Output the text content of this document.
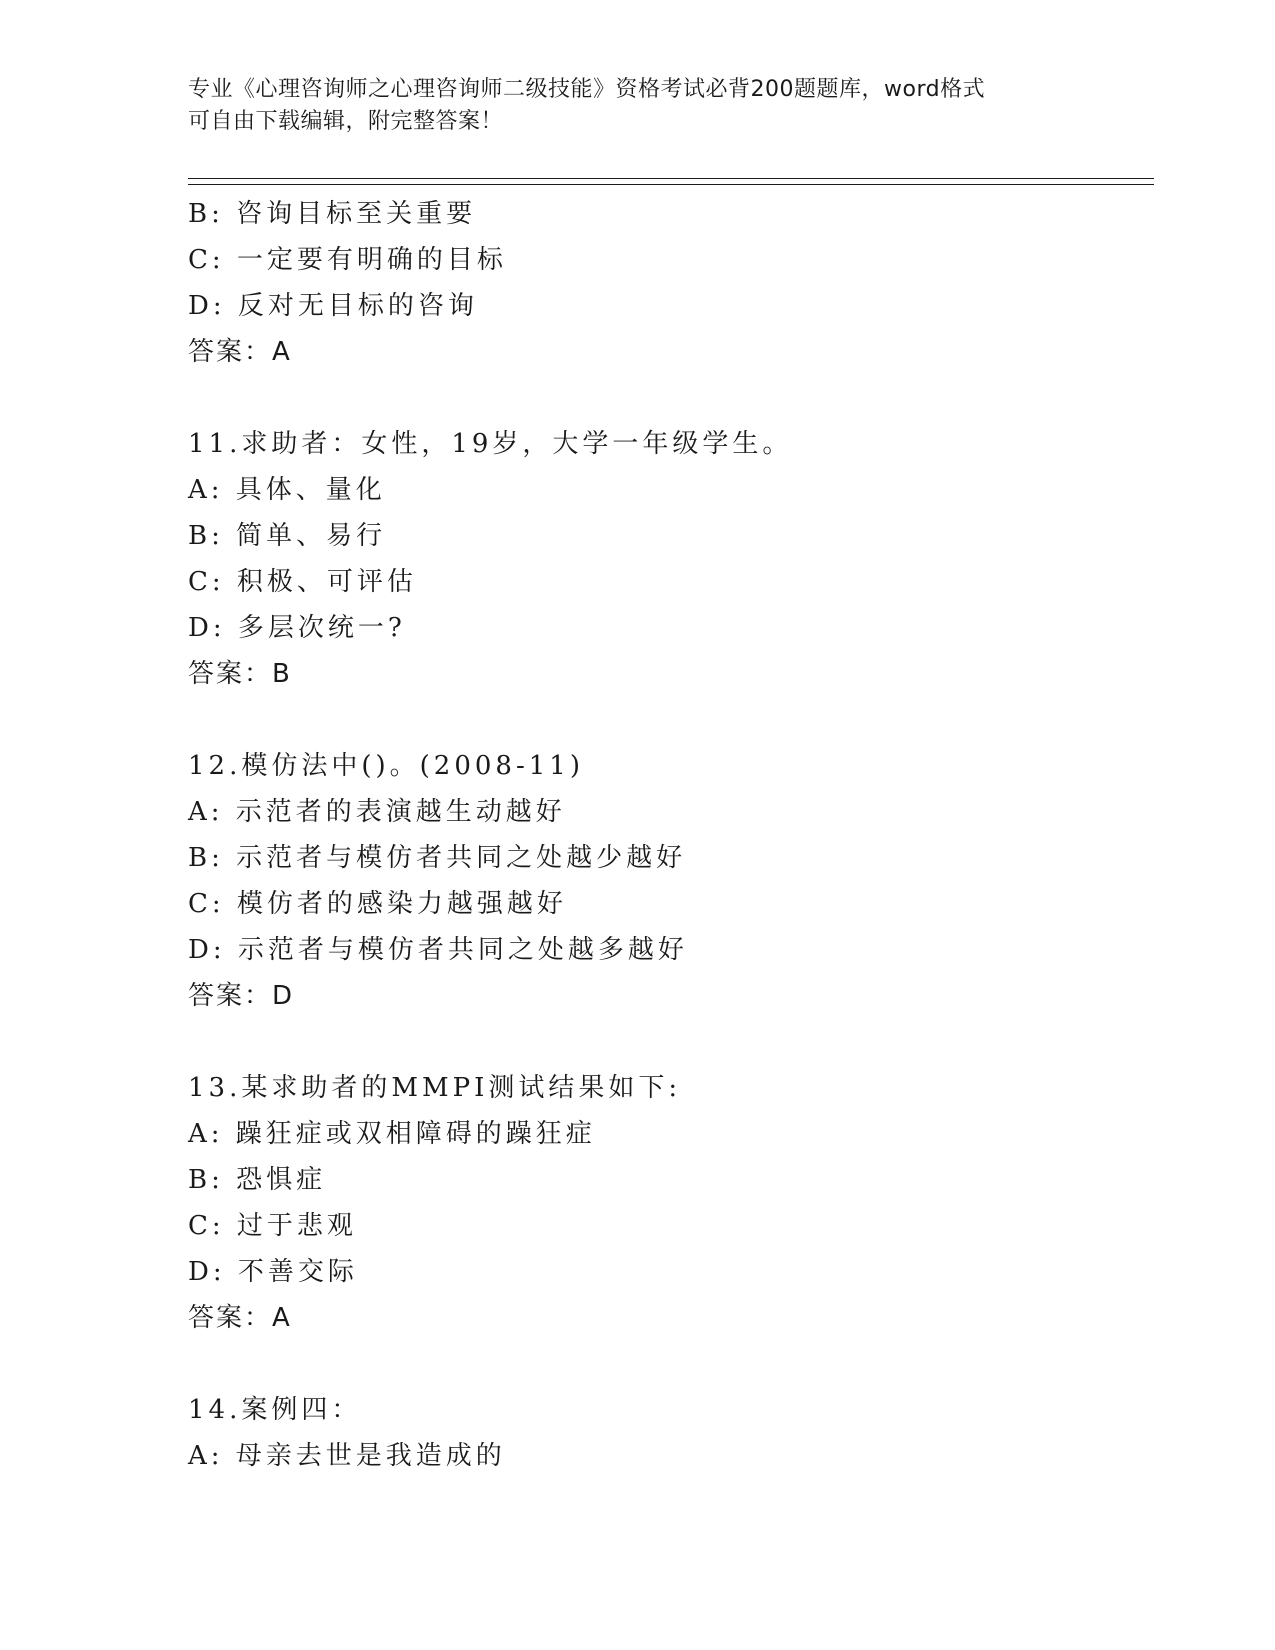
专业《心理咨询师之心理咨询师二级技能》资格考试必背200题题库，word格式
可自由下载编辑，附完整答案！
B: 咨询目标至关重要
C: 一定要有明确的目标
D: 反对无目标的咨询
答案：A
11.求助者：女性，19岁，大学一年级学生。
A: 具体、量化
B: 简单、易行
C: 积极、可评估
D: 多层次统一?
答案：B
12.模仿法中()。(2008-11)
A: 示范者的表演越生动越好
B: 示范者与模仿者共同之处越少越好
C: 模仿者的感染力越强越好
D: 示范者与模仿者共同之处越多越好
答案：D
13.某求助者的MMPI测试结果如下:
A: 躁狂症或双相障碍的躁狂症
B: 恐惧症
C: 过于悲观
D: 不善交际
答案：A
14.案例四：
A: 母亲去世是我造成的
